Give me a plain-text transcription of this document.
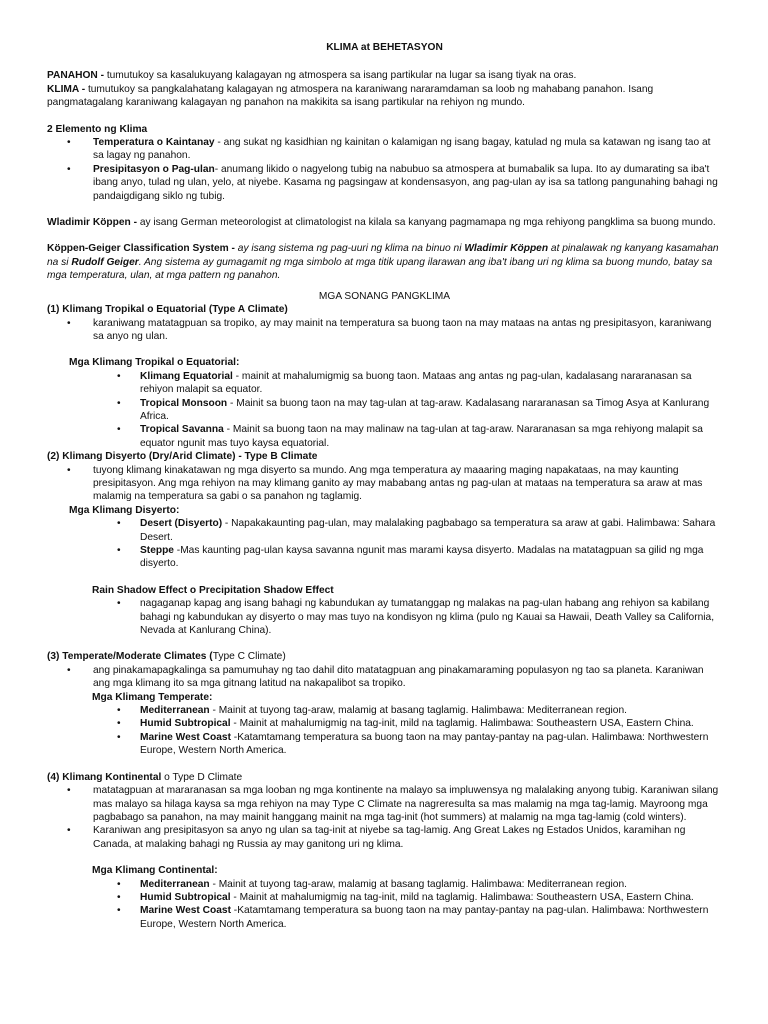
KLIMA at BEHETASYON

PANAHON - tumutukoy sa kasalukuyang kalagayan ng atmospera sa isang partikular na lugar sa isang tiyak na oras.

KLIMA - tumutukoy sa pangkalahatang kalagayan ng atmospera na karaniwang nararamdaman sa loob ng mahabang panahon. Isang pangmatagalang karaniwang kalagayan ng panahon na makikita sa isang partikular na rehiyon ng mundo.

2 Elemento ng Klima

• Temperatura o Kaintanay - ang sukat ng kasidhian ng kainitan o kalamigan ng isang bagay, katulad ng mula sa katawan ng isang tao at sa lagay ng panahon.
• Presipitasyon o Pag-ulan- anumang likido o nagyelong tubig na nabubuo sa atmospera at bumabalik sa lupa. Ito ay dumarating sa iba't ibang anyo, tulad ng ulan, yelo, at niyebe. Kasama ng pagsingaw at kondensasyon, ang pag-ulan ay isa sa tatlong pangunahing bahagi ng pandaigdigang siklo ng tubig.

Wladimir Köppen - ay isang German meteorologist at climatologist na kilala sa kanyang pagmamapa ng mga rehiyong pangklima sa buong mundo.

Köppen-Geiger Classification System - ay isang sistema ng pag-uuri ng klima na binuo ni Wladimir Köppen at pinalawak ng kanyang kasamahan na si Rudolf Geiger. Ang sistema ay gumagamit ng mga simbolo at mga titik upang ilarawan ang iba't ibang uri ng klima sa buong mundo, batay sa mga temperatura, ulan, at mga pattern ng panahon.

MGA SONANG PANGKLIMA

(1) Klimang Tropikal o Equatorial (Type A Climate)

• karaniwang matatagpuan sa tropiko, ay may mainit na temperatura sa buong taon na may mataas na antas ng presipitasyon, karaniwang sa anyo ng ulan.

Mga Klimang Tropikal o Equatorial:

• Klimang Equatorial - mainit at mahalumigmig sa buong taon. Mataas ang antas ng pag-ulan, kadalasang nararanasan sa rehiyon malapit sa equator.
• Tropical Monsoon - Mainit sa buong taon na may tag-ulan at tag-araw. Kadalasang nararanasan sa Timog Asya at Kanlurang Africa.
• Tropical Savanna - Mainit sa buong taon na may malinaw na tag-ulan at tag-araw. Nararanasan sa mga rehiyong malapit sa equator ngunit mas tuyo kaysa equatorial.

(2) Klimang Disyerto (Dry/Arid Climate) - Type B Climate

• tuyong klimang kinakatawan ng mga disyerto sa mundo. Ang mga temperatura ay maaaring maging napakataas, na may kaunting presipitasyon. Ang mga rehiyon na may klimang ganito ay may mababang antas ng pag-ulan at mataas na temperatura sa araw at mas malamig na temperatura sa gabi o sa panahon ng taglamig.

Mga Klimang Disyerto:

• Desert (Disyerto) - Napakakaunting pag-ulan, may malalaking pagbabago sa temperatura sa araw at gabi. Halimbawa: Sahara Desert.
• Steppe -Mas kaunting pag-ulan kaysa savanna ngunit mas marami kaysa disyerto. Madalas na matatagpuan sa gilid ng mga disyerto.

Rain Shadow Effect o Precipitation Shadow Effect

• nagaganap kapag ang isang bahagi ng kabundukan ay tumatanggap ng malakas na pag-ulan habang ang rehiyon sa kabilang bahagi ng kabundukan ay disyerto o may mas tuyo na kondisyon ng klima (pulo ng Kauai sa Hawaii, Death Valley sa California, Nevada at Kanlurang China).

(3) Temperate/Moderate Climates (Type C Climate)

• ang pinakamapagkalinga sa pamumuhay ng tao dahil dito matatagpuan ang pinakamaraming populasyon ng tao sa planeta. Karaniwan ang mga klimang ito sa mga gitnang latitud na nakapalibot sa tropiko.

Mga Klimang Temperate:

• Mediterranean - Mainit at tuyong tag-araw, malamig at basang taglamig. Halimbawa: Mediterranean region.
• Humid Subtropical - Mainit at mahalumigmig na tag-init, mild na taglamig. Halimbawa: Southeastern USA, Eastern China.
• Marine West Coast -Katamtamang temperatura sa buong taon na may pantay-pantay na pag-ulan. Halimbawa: Northwestern Europe, Western North America.

(4) Klimang Kontinental o Type D Climate

• matatagpuan at mararanasan sa mga looban ng mga kontinente na malayo sa impluwensya ng malalaking anyong tubig. Karaniwan silang mas malayo sa hilaga kaysa sa mga rehiyon na may Type C Climate na nagreresulta sa mas malamig na mga tag-lamig. Mayroong mga pagbabago sa panahon, na may mainit hanggang mainit na mga tag-init (hot summers) at malamig na mga tag-lamig (cold winters).
• Karaniwan ang presipitasyon sa anyo ng ulan sa tag-init at niyebe sa tag-lamig. Ang Great Lakes ng Estados Unidos, karamihan ng Canada, at malaking bahagi ng Russia ay may ganitong uri ng klima.

Mga Klimang Continental:

• Mediterranean - Mainit at tuyong tag-araw, malamig at basang taglamig. Halimbawa: Mediterranean region.
• Humid Subtropical - Mainit at mahalumigmig na tag-init, mild na taglamig. Halimbawa: Southeastern USA, Eastern China.
• Marine West Coast -Katamtamang temperatura sa buong taon na may pantay-pantay na pag-ulan. Halimbawa: Northwestern Europe, Western North America.
